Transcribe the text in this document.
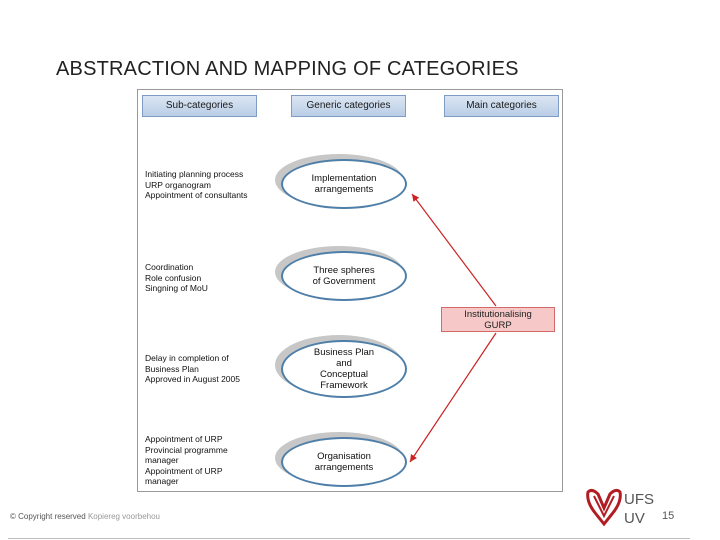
ABSTRACTION AND MAPPING OF CATEGORIES
Sub-categories	Generic categories	Main categories
Initiating planning process
URP organogram
Appointment of consultants
Coordination
Role confusion
Singning of MoU
Delay in completion of
Business Plan
Approved in August 2005
Appointment of URP
Provincial programme
manager
Appointment of URP
manager
Implementation
arrangements
Three spheres
of Government
Business Plan
and
Conceptual
Framework
Organisation
arrangements
Institutionalising
GURP
© Copyright reserved Kopiereg voorbehou
UFS
UV 15
